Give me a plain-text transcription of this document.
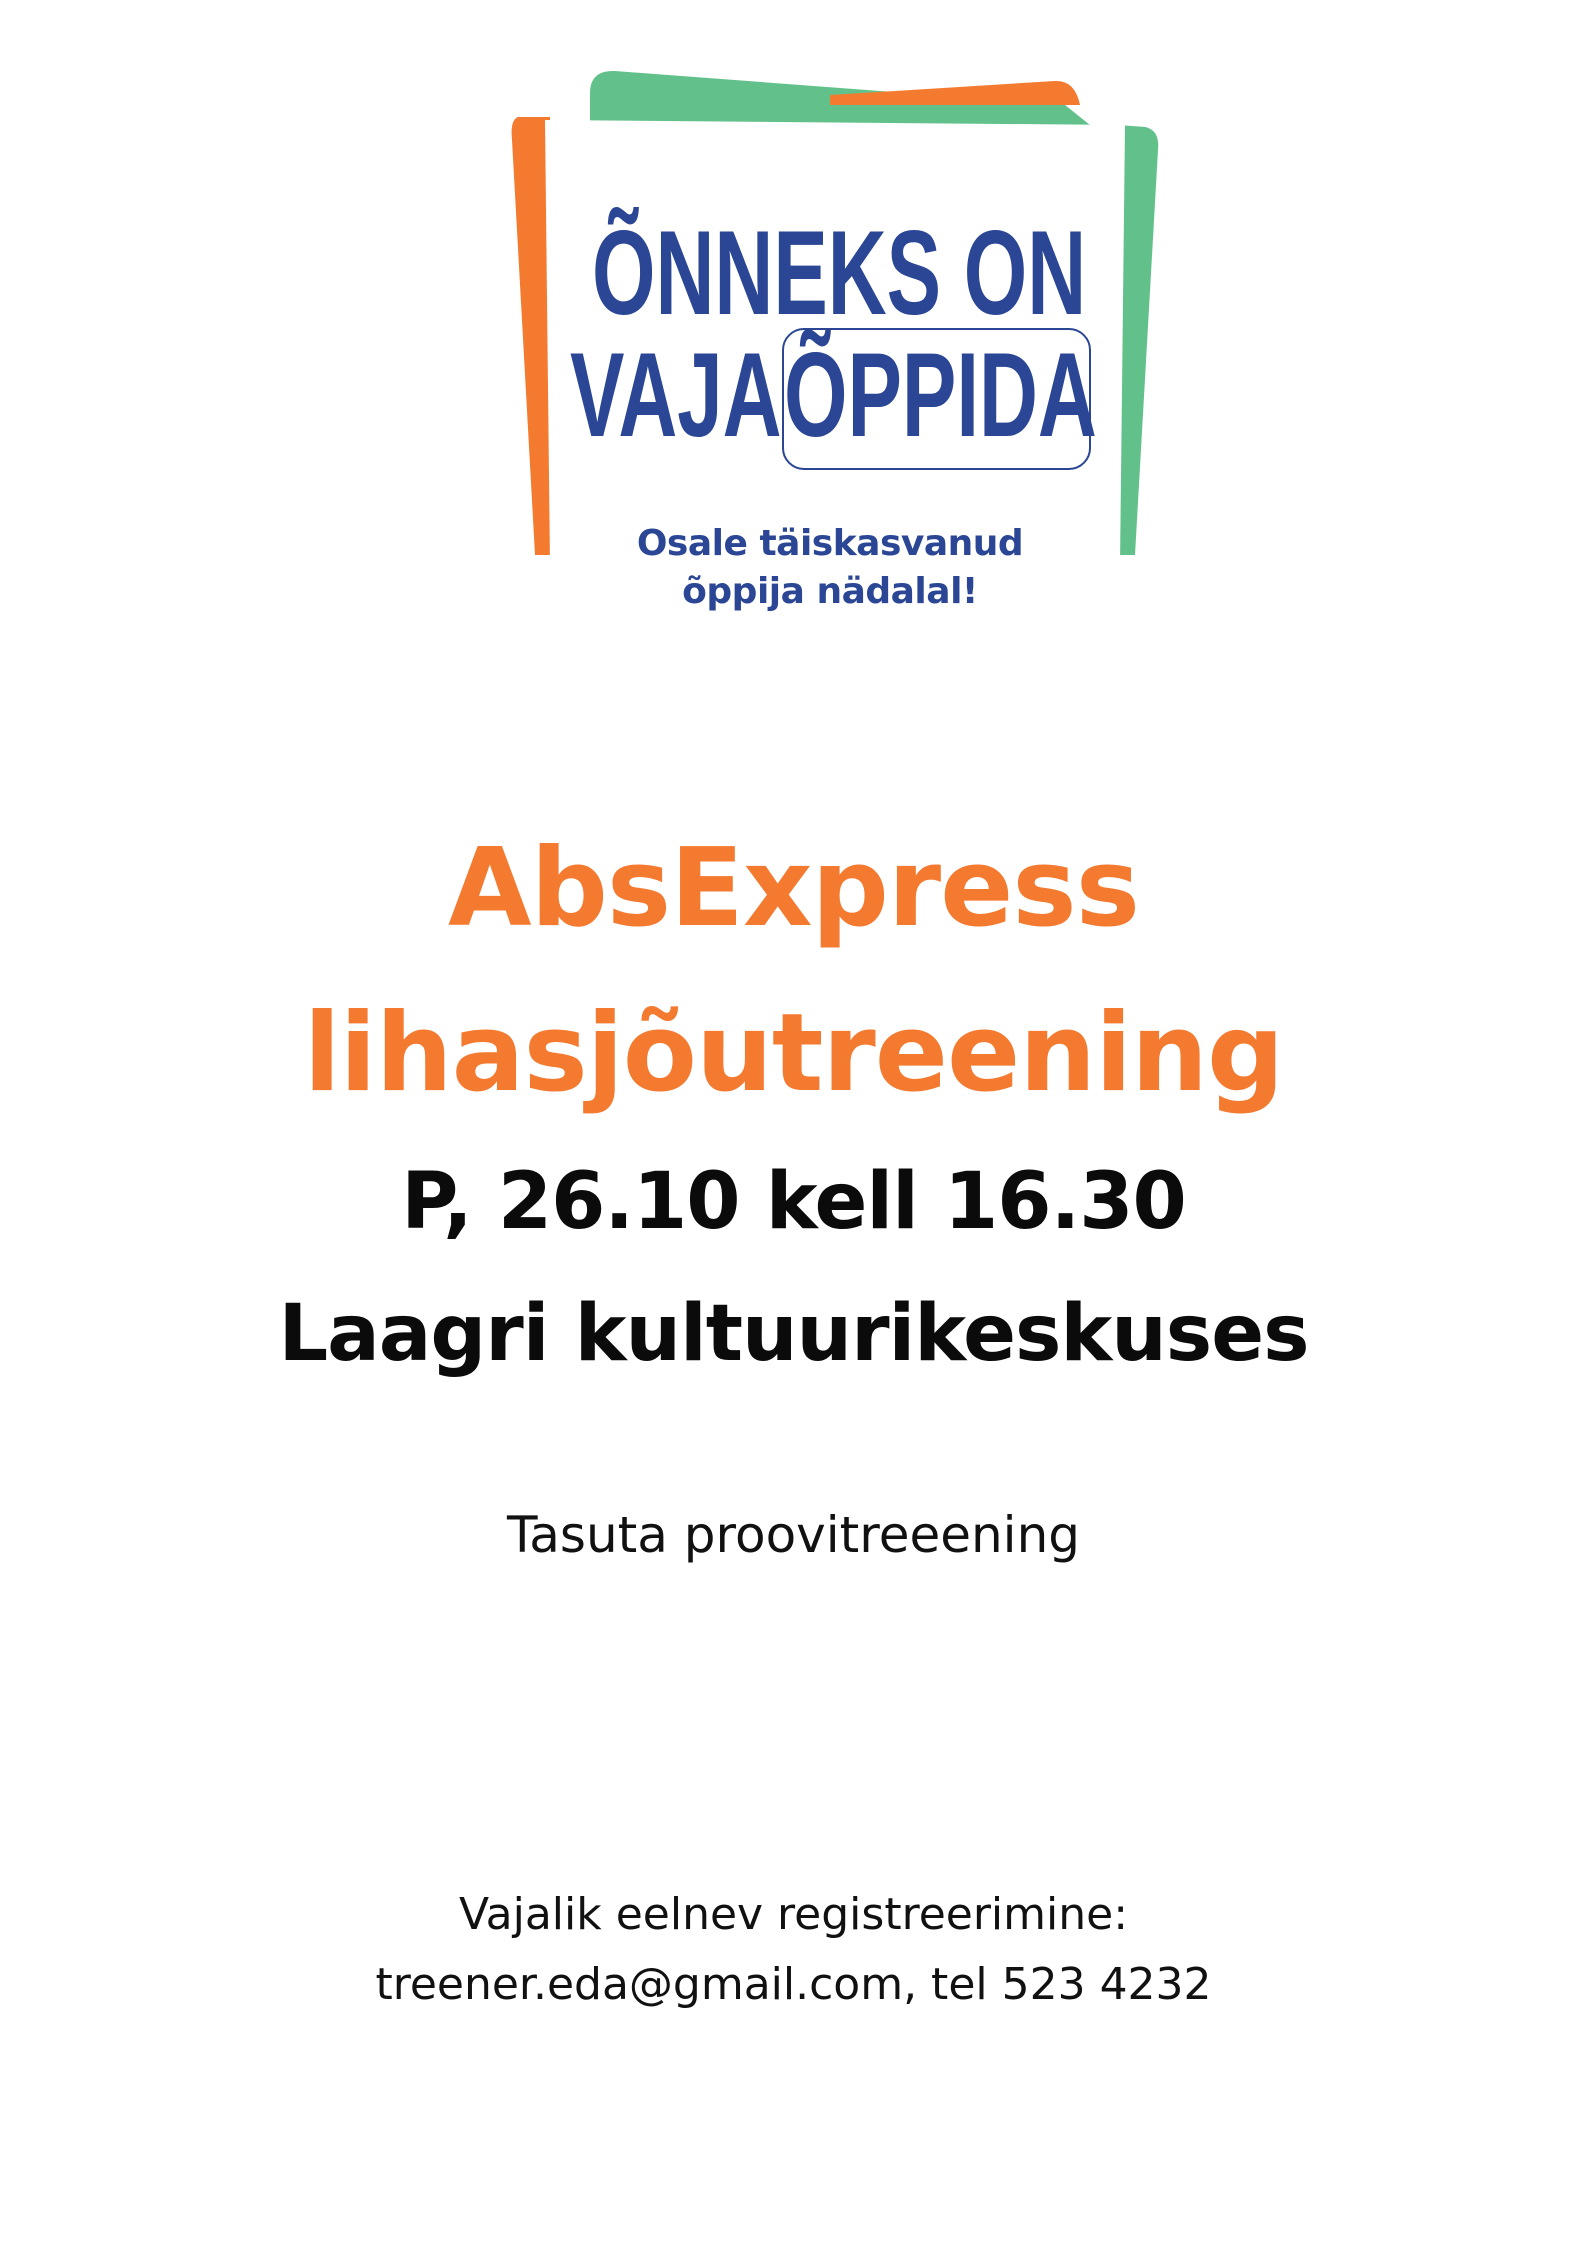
ÕNNEKS ON
VAJA ÕPPIDA
Osale täiskasvanud
õppija nädalal!
AbsExpress
lihasjõutreening
P, 26.10 kell 16.30
Laagri kultuurikeskuses
Tasuta proovitreeening
Vajalik eelnev registreerimine:
treener.eda@gmail.com, tel 523 4232
